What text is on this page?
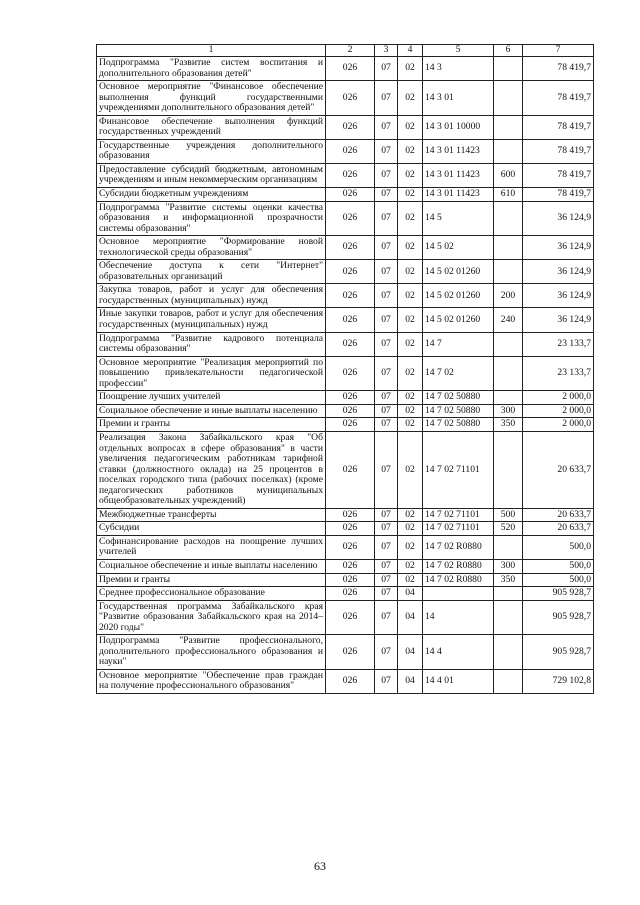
1	2	3	4	5	6	7
Подпрограмма "Развитие систем воспитания и дополнительного образования детей"	026	07	02	14 3		78 419,7
Основное мероприятие "Финансовое обеспечение выполнения функций государственными учреждениями дополнительного образования детей"	026	07	02	14 3 01		78 419,7
Финансовое обеспечение выполнения функций государственных учреждений	026	07	02	14 3 01 10000		78 419,7
Государственные учреждения дополнительного образования	026	07	02	14 3 01 11423		78 419,7
Предоставление субсидий бюджетным, автономным учреждениям и иным некоммерческим организациям	026	07	02	14 3 01 11423	600	78 419,7
Субсидии бюджетным учреждениям	026	07	02	14 3 01 11423	610	78 419,7
Подпрограмма "Развитие системы оценки качества образования и информационной прозрачности системы образования"	026	07	02	14 5		36 124,9
Основное мероприятие "Формирование новой технологической среды образования"	026	07	02	14 5 02		36 124,9
Обеспечение доступа к сети "Интернет" образовательных организаций	026	07	02	14 5 02 01260		36 124,9
Закупка товаров, работ и услуг для обеспечения государственных (муниципальных) нужд	026	07	02	14 5 02 01260	200	36 124,9
Иные закупки товаров, работ и услуг для обеспечения государственных (муниципальных) нужд	026	07	02	14 5 02 01260	240	36 124,9
Подпрограмма "Развитие кадрового потенциала системы образования"	026	07	02	14 7		23 133,7
Основное мероприятие "Реализация мероприятий по повышению привлекательности педагогической профессии"	026	07	02	14 7 02		23 133,7
Поощрение лучших учителей	026	07	02	14 7 02 50880		2 000,0
Социальное обеспечение и иные выплаты населению	026	07	02	14 7 02 50880	300	2 000,0
Премии и гранты	026	07	02	14 7 02 50880	350	2 000,0
Реализация Закона Забайкальского края "Об отдельных вопросах в сфере образования" в части увеличения педагогическим работникам тарифной ставки (должностного оклада) на 25 процентов в поселках городского типа (рабочих поселках) (кроме педагогических работников муниципальных общеобразовательных учреждений)	026	07	02	14 7 02 71101		20 633,7
Межбюджетные трансферты	026	07	02	14 7 02 71101	500	20 633,7
Субсидии	026	07	02	14 7 02 71101	520	20 633,7
Софинансирование расходов на поощрение лучших учителей	026	07	02	14 7 02 R0880		500,0
Социальное обеспечение и иные выплаты населению	026	07	02	14 7 02 R0880	300	500,0
Премии и гранты	026	07	02	14 7 02 R0880	350	500,0
Среднее профессиональное образование	026	07	04			905 928,7
Государственная программа Забайкальского края "Развитие образования Забайкальского края на 2014–2020 годы"	026	07	04	14		905 928,7
Подпрограмма "Развитие профессионального, дополнительного профессионального образования и науки"	026	07	04	14 4		905 928,7
Основное мероприятие "Обеспечение прав граждан на получение профессионального образования"	026	07	04	14 4 01		729 102,8
63
